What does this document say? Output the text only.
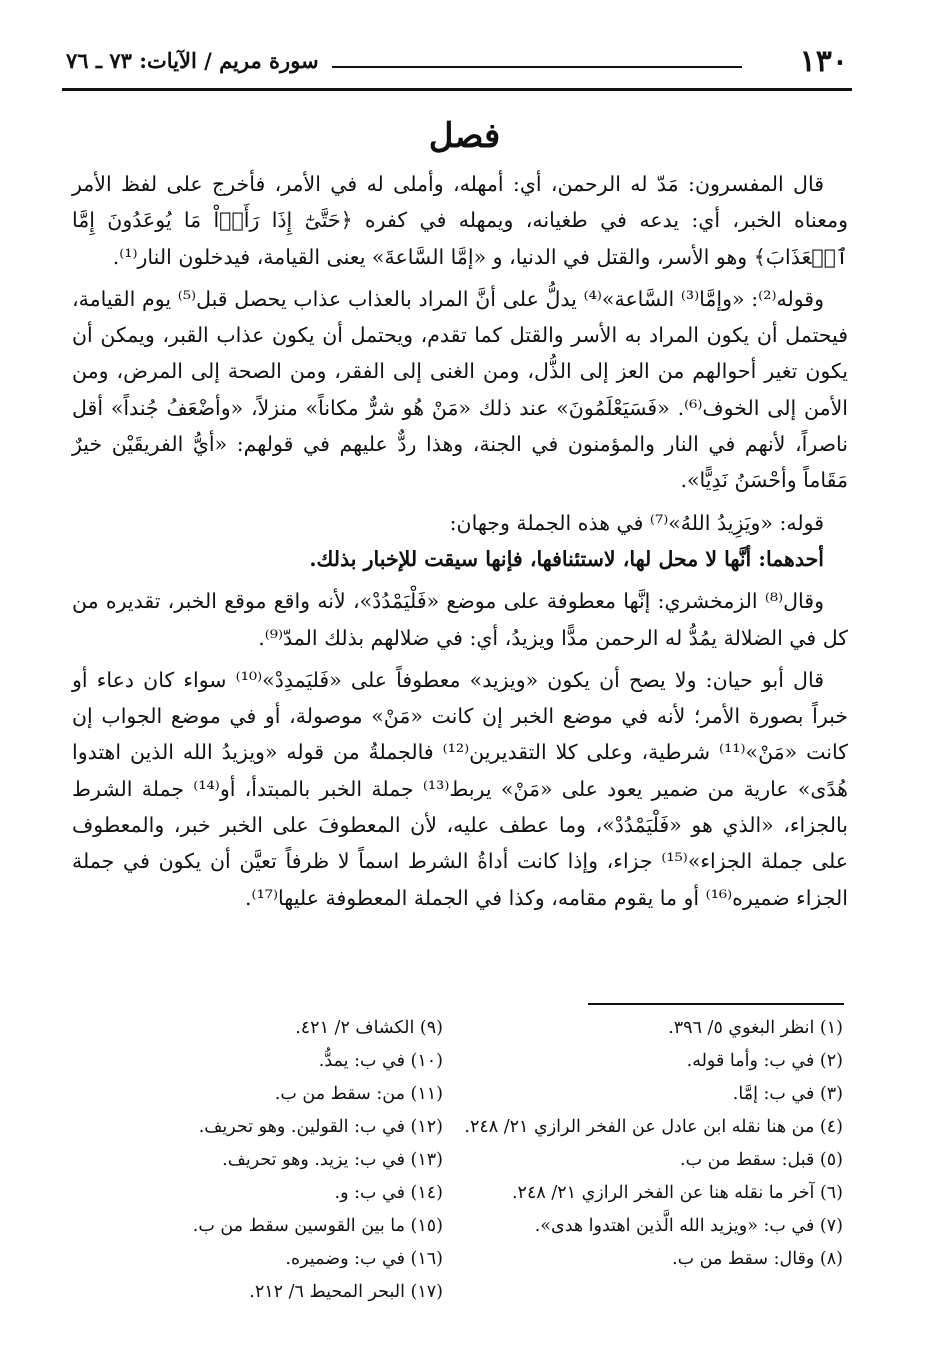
١٣٠
سورة مريم / الآيات: ٧٣ ـ ٧٦
فصل

قال المفسرون: مَدّ له الرحمن، أي: أمهله، وأملى له في الأمر، فأخرج على لفظ الأمر ومعناه الخبر، أي: يدعه في طغيانه، ويمهله في كفره ﴿حَتَّىٰٓ إِذَا رَأَوۡاْ مَا يُوعَدُونَ إِمَّا ٱلۡعَذَابَ﴾ وهو الأسر، والقتل في الدنيا، و «إمَّا السَّاعةَ» يعنى القيامة، فيدخلون النار⁽¹⁾.

وقوله⁽²⁾: «وإمَّا⁽³⁾ السَّاعة»⁽⁴⁾ يدلُّ على أنَّ المراد بالعذاب عذاب يحصل قبل⁽⁵⁾ يوم القيامة، فيحتمل أن يكون المراد به الأسر والقتل كما تقدم، ويحتمل أن يكون عذاب القبر، ويمكن أن يكون تغير أحوالهم من العز إلى الذُّل، ومن الغنى إلى الفقر، ومن الصحة إلى المرض، ومن الأمن إلى الخوف⁽⁶⁾. «فَسَيَعْلَمُونَ» عند ذلك «مَنْ هُو شرٌّ مكاناً» منزلاً، «وأضْعَفُ جُنداً» أقل ناصراً، لأنهم في النار والمؤمنون في الجنة، وهذا ردٌّ عليهم في قولهم: «أيُّ الفريقَيْن خيرٌ مَقَاماً وأحْسَنُ نَدِيًّا».

قوله: «ويَزِيدُ اللهُ»⁽⁷⁾ في هذه الجملة وجهان:

أحدهما: أنَّها لا محل لها، لاستئنافها، فإنها سيقت للإخبار بذلك.

وقال⁽⁸⁾ الزمخشري: إنَّها معطوفة على موضع «فَلْيَمْدُدْ»، لأنه واقع موقع الخبر، تقديره من كل في الضلالة يمُدُّ له الرحمن مدًّا ويزيدُ، أي: في ضلالهم بذلك المدّ⁽⁹⁾.

قال أبو حيان: ولا يصح أن يكون «ويزيد» معطوفاً على «فَليَمدِدْ»⁽¹⁰⁾ سواء كان دعاء أو خبراً بصورة الأمر؛ لأنه في موضع الخبر إن كانت «مَنْ» موصولة، أو في موضع الجواب إن كانت «مَنْ»⁽¹¹⁾ شرطية، وعلى كلا التقديرين⁽¹²⁾ فالجملةُ من قوله «ويزيدُ الله الذين اهتدوا هُدًى» عارية من ضمير يعود على «مَنْ» يربط⁽¹³⁾ جملة الخبر بالمبتدأ، أو⁽¹⁴⁾ جملة الشرط بالجزاء، «الذي هو «فَلْيَمْدُدْ»، وما عطف عليه، لأن المعطوفَ على الخبر خبر، والمعطوف على جملة الجزاء»⁽¹⁵⁾ جزاء، وإذا كانت أداةُ الشرط اسماً لا ظرفاً تعيَّن أن يكون في جملة الجزاء ضميره⁽¹⁶⁾ أو ما يقوم مقامه، وكذا في الجملة المعطوفة عليها⁽¹⁷⁾.

(١) انظر البغوي ٥/ ٣٩٦.

(٢) في ب: وأما قوله.

(٣) في ب: إمَّا.

(٤) من هنا نقله ابن عادل عن الفخر الرازي ٢١/ ٢٤٨.

(٥) قبل: سقط من ب.

(٦) آخر ما نقله هنا عن الفخر الرازي ٢١/ ٢٤٨.

(٧) في ب: «ويزيد الله الَّذين اهتدوا هدى».

(٨) وقال: سقط من ب.

(٩) الكشاف ٢/ ٤٢١.

(١٠) في ب: يمدُّ.

(١١) من: سقط من ب.

(١٢) في ب: القولين. وهو تحريف.

(١٣) في ب: يزيد. وهو تحريف.

(١٤) في ب: و.

(١٥) ما بين القوسين سقط من ب.

(١٦) في ب: وضميره.

(١٧) البحر المحيط ٦/ ٢١٢.
